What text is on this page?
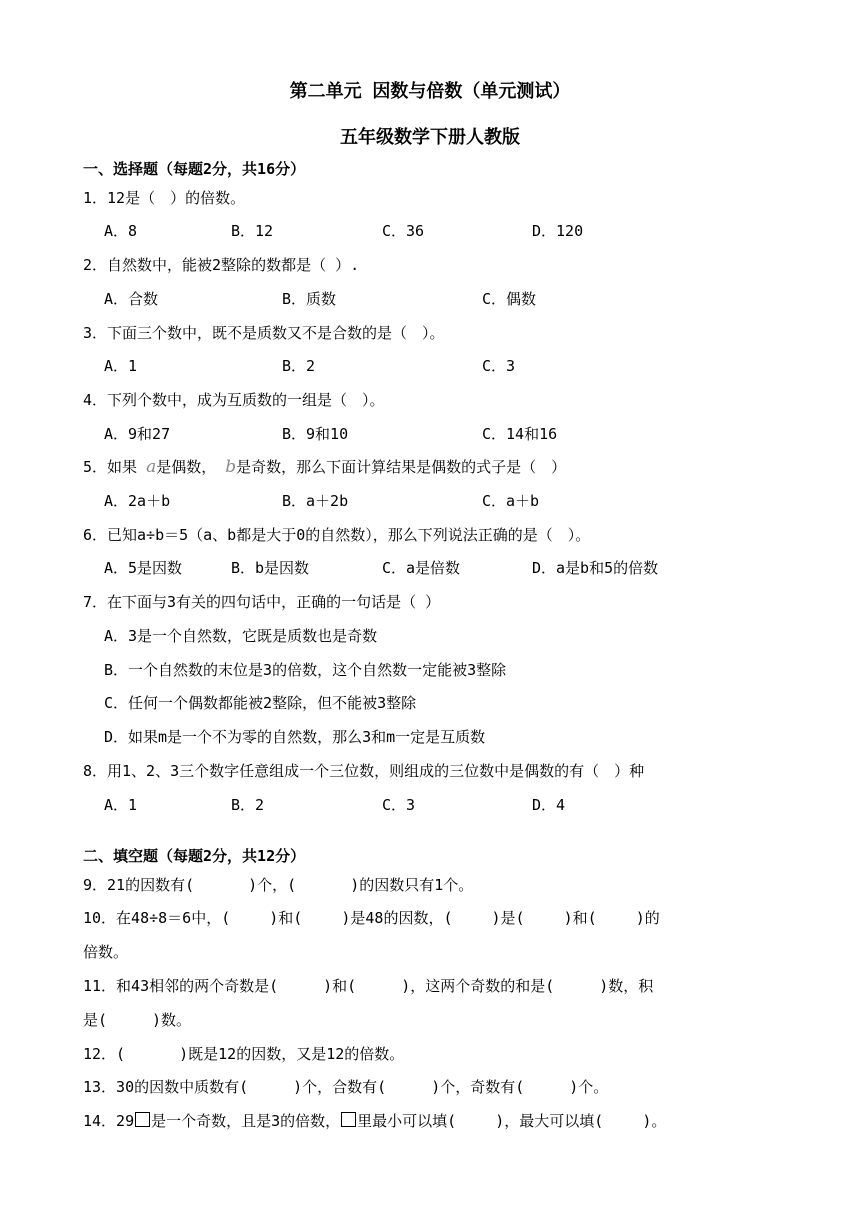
第二单元 因数与倍数（单元测试）
五年级数学下册人教版
一、选择题（每题2分，共16分）
1．12是（　）的倍数。
A．8	B．12	C．36	D．120
2．自然数中，能被2整除的数都是（ ）.
A．合数	B．质数	C．偶数
3．下面三个数中，既不是质数又不是合数的是（　）。
A．1	B．2	C．3
4．下列个数中，成为互质数的一组是（　）。
A．9和27	B．9和10	C．14和16
5．如果 a是偶数， b是奇数，那么下面计算结果是偶数的式子是（　）
A．2a＋b	B．a＋2b	C．a＋b
6．已知a÷b＝5（a、b都是大于0的自然数），那么下列说法正确的是（　）。
A．5是因数	B．b是因数	C．a是倍数	D．a是b和5的倍数
7．在下面与3有关的四句话中，正确的一句话是（ ）
A．3是一个自然数，它既是质数也是奇数
B．一个自然数的末位是3的倍数，这个自然数一定能被3整除
C．任何一个偶数都能被2整除，但不能被3整除
D．如果m是一个不为零的自然数，那么3和m一定是互质数
8．用1、2、3三个数字任意组成一个三位数，则组成的三位数中是偶数的有（　）种
A．1	B．2	C．3	D．4
二、填空题（每题2分，共12分）
9．21的因数有(　　　 )个，(　　　 )的因数只有1个。
10．在48÷8＝6中，(　　 )和(　　 )是48的因数，(　　 )是(　　 )和(　　 )的
倍数。
11．和43相邻的两个奇数是(　　　)和(　　　)，这两个奇数的和是(　　　)数，积
是(　　　)数。
12．(　　　 )既是12的因数，又是12的倍数。
13．30的因数中质数有(　　　)个，合数有(　　　)个，奇数有(　　　)个。
14．29 是一个奇数，且是3的倍数， 里最小可以填(　　 )，最大可以填(　　 )。
